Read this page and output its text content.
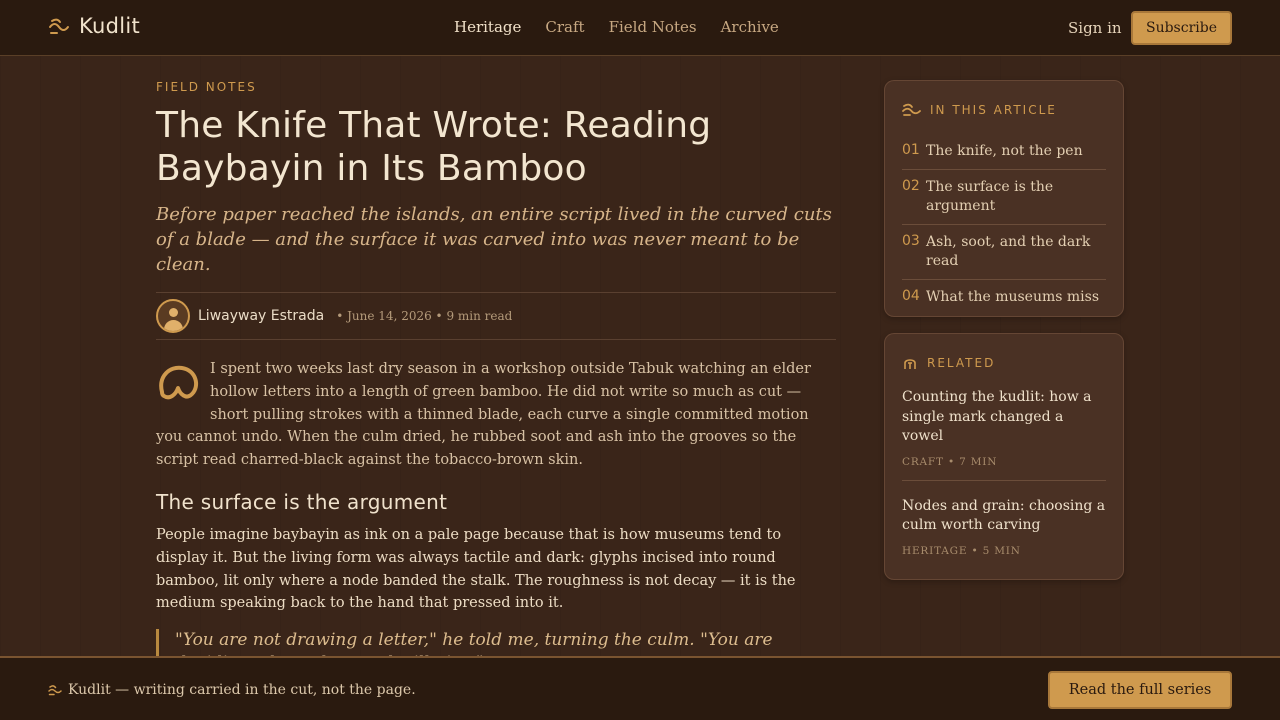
Kudlit	Heritage Craft Field Notes Archive	Sign in	Subscribe
FIELD NOTES
The Knife That Wrote: Reading Baybayin in Its Bamboo

Before paper reached the islands, an entire script lived in the curved cuts of a blade — and the surface it was carved into was never meant to be clean.

Liwayway Estrada • June 14, 2026 • 9 min read

I spent two weeks last dry season in a workshop outside Tabuk watching an elder hollow letters into a length of green bamboo. He did not write so much as cut — short pulling strokes with a thinned blade, each curve a single committed motion you cannot undo. When the culm dried, he rubbed soot and ash into the grooves so the script read charred-black against the tobacco-brown skin.

The surface is the argument

People imagine baybayin as ink on a pale page because that is how museums tend to display it. But the living form was always tactile and dark: glyphs incised into round bamboo, lit only where a node banded the stalk. The roughness is not decay — it is the medium speaking back to the hand that pressed into it.

"You are not drawing a letter," he told me, turning the culm. "You are
IN THIS ARTICLE
01 The knife, not the pen
02 The surface is the argument
03 Ash, soot, and the dark read
04 What the museums miss
RELATED
Counting the kudlit: how a single mark changed a vowel
CRAFT • 7 MIN
Nodes and grain: choosing a culm worth carving
HERITAGE • 5 MIN
Kudlit — writing carried in the cut, not the page.	Read the full series
